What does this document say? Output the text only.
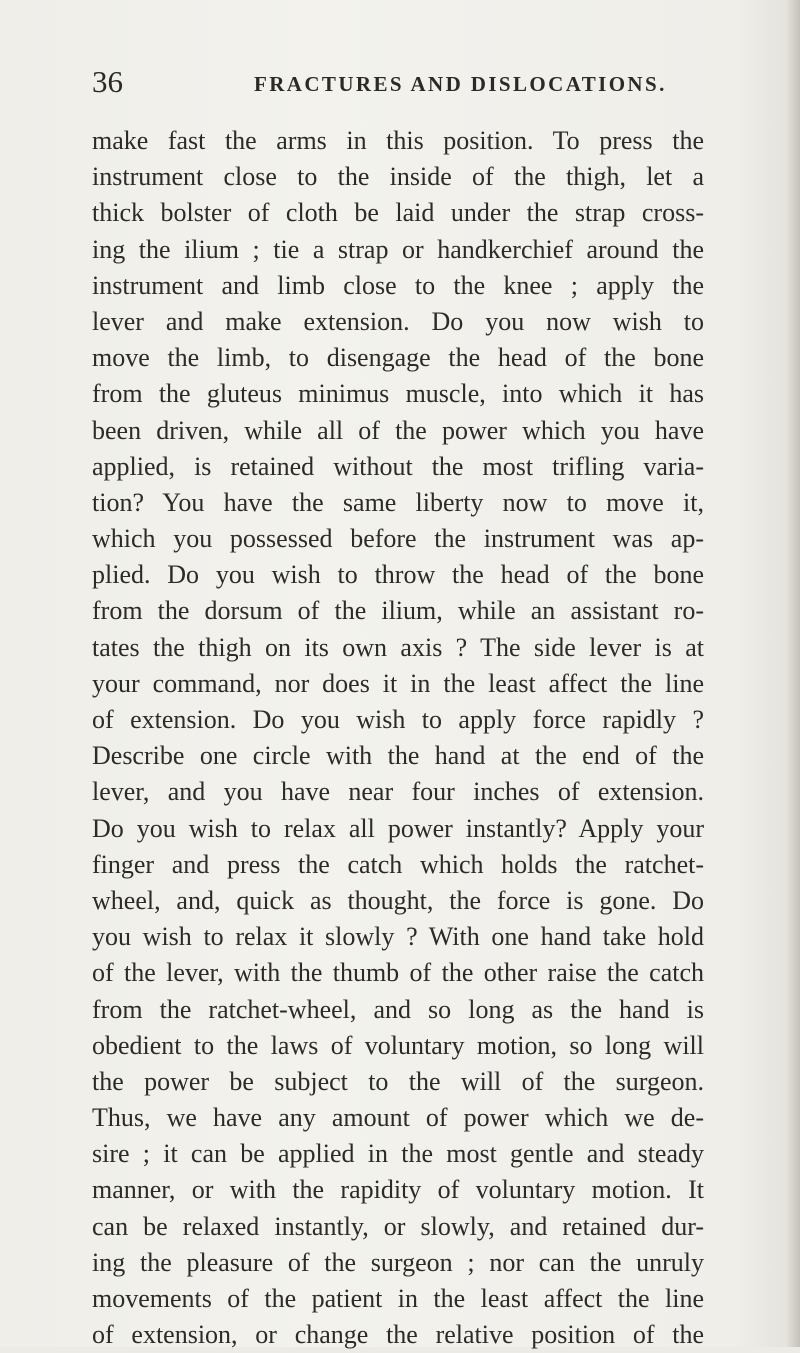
36	FRACTURES AND DISLOCATIONS.
make fast the arms in this position. To press the
instrument close to the inside of the thigh, let a
thick bolster of cloth be laid under the strap cross-
ing the ilium ; tie a strap or handkerchief around the
instrument and limb close to the knee ; apply the
lever and make extension. Do you now wish to
move the limb, to disengage the head of the bone
from the gluteus minimus muscle, into which it has
been driven, while all of the power which you have
applied, is retained without the most trifling varia-
tion? You have the same liberty now to move it,
which you possessed before the instrument was ap-
plied. Do you wish to throw the head of the bone
from the dorsum of the ilium, while an assistant ro-
tates the thigh on its own axis ? The side lever is at
your command, nor does it in the least affect the line
of extension. Do you wish to apply force rapidly ?
Describe one circle with the hand at the end of the
lever, and you have near four inches of extension.
Do you wish to relax all power instantly? Apply your
finger and press the catch which holds the ratchet-
wheel, and, quick as thought, the force is gone. Do
you wish to relax it slowly ? With one hand take hold
of the lever, with the thumb of the other raise the catch
from the ratchet-wheel, and so long as the hand is
obedient to the laws of voluntary motion, so long will
the power be subject to the will of the surgeon.
Thus, we have any amount of power which we de-
sire ; it can be applied in the most gentle and steady
manner, or with the rapidity of voluntary motion. It
can be relaxed instantly, or slowly, and retained dur-
ing the pleasure of the surgeon ; nor can the unruly
movements of the patient in the least affect the line
of extension, or change the relative position of the
